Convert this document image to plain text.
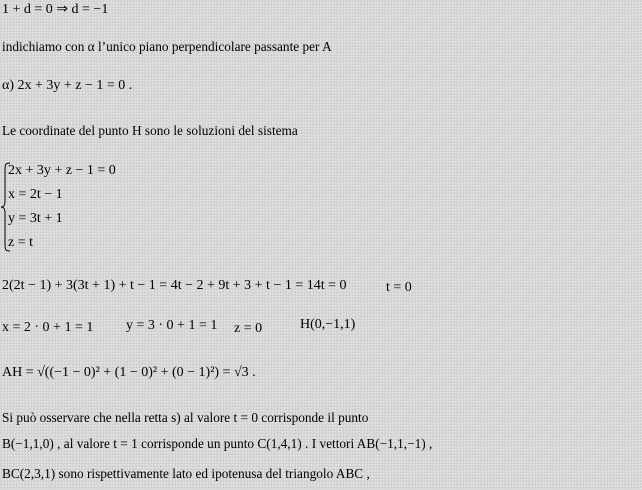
1 + d = 0 ⇒ d = −1
indichiamo con α l’unico piano perpendicolare passante per A
α) 2x + 3y + z − 1 = 0 .
Le coordinate del punto H sono le soluzioni del sistema
2x + 3y + z − 1 = 0
x = 2t − 1
y = 3t + 1
z = t
2(2t − 1) + 3(3t + 1) + t − 1 = 4t − 2 + 9t + 3 + t − 1 = 14t = 0	t = 0
x = 2 · 0 + 1 = 1 y = 3 · 0 + 1 = 1 z = 0	H(0,−1,1)
AH = √((−1 − 0)² + (1 − 0)² + (0 − 1)²) = √3 .
Si può osservare che nella retta s) al valore t = 0 corrisponde il punto
B(−1,1,0) , al valore t = 1 corrisponde un punto C(1,4,1) . I vettori AB(−1,1,−1) ,
BC(2,3,1) sono rispettivamente lato ed ipotenusa del triangolo ABC ,
